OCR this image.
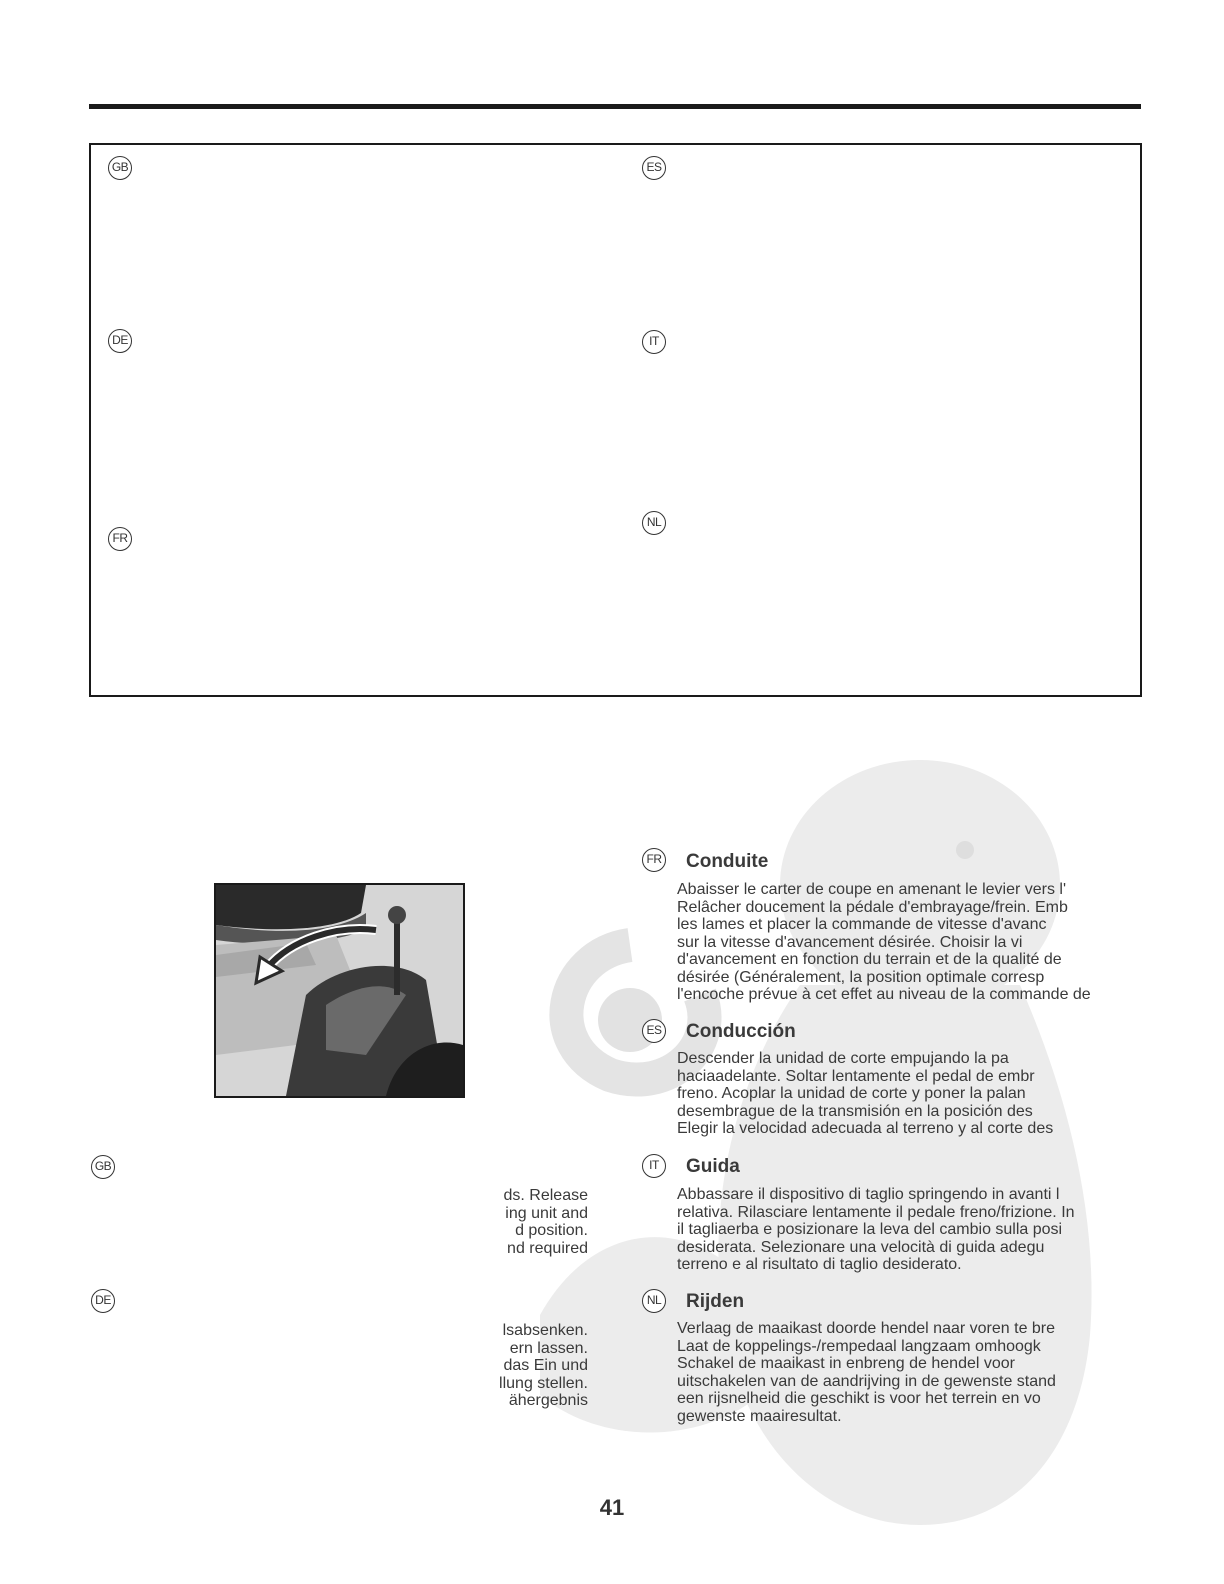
GB	ES
DE	IT
FR
NL
FR Conduite
Abaisser le carter de coupe en amenant le levier vers l'
Relâcher doucement la pédale d'embrayage/frein. Emb
les lames et placer la commande de vitesse d'avanc
sur la vitesse d'avancement désirée. Choisir la vi
d'avancement en fonction du terrain et de la qualité de
désirée (Généralement, la position optimale corresp
l'encoche prévue à cet effet au niveau de la commande de
ES Conducción
Descender la unidad de corte empujando la pa
haciaadelante. Soltar lentamente el pedal de embr
freno. Acoplar la unidad de corte y poner la palan
desembrague de la transmisión en la posición des
Elegir la velocidad adecuada al terreno y al corte des
IT	Guida
Abbassare il dispositivo di taglio springendo in avanti l
relativa. Rilasciare lentamente il pedale freno/frizione. In
il tagliaerba e posizionare la leva del cambio sulla posi
desiderata. Selezionare una velocità di guida adegu
terreno e al risultato di taglio desiderato.
NL Rijden
Verlaag de maaikast doorde hendel naar voren te bre
Laat de koppelings-/rempedaal langzaam omhoogk
Schakel de maaikast in enbreng de hendel voor
uitschakelen van de aandrijving in de gewenste stand
een rijsnelheid die geschikt is voor het terrein en vo
gewenste maairesultat.
GB
ds. Release
ing unit and
d position.
nd required
DE
lsabsenken.
ern lassen.
das Ein und
llung stellen.
ähergebnis
41
